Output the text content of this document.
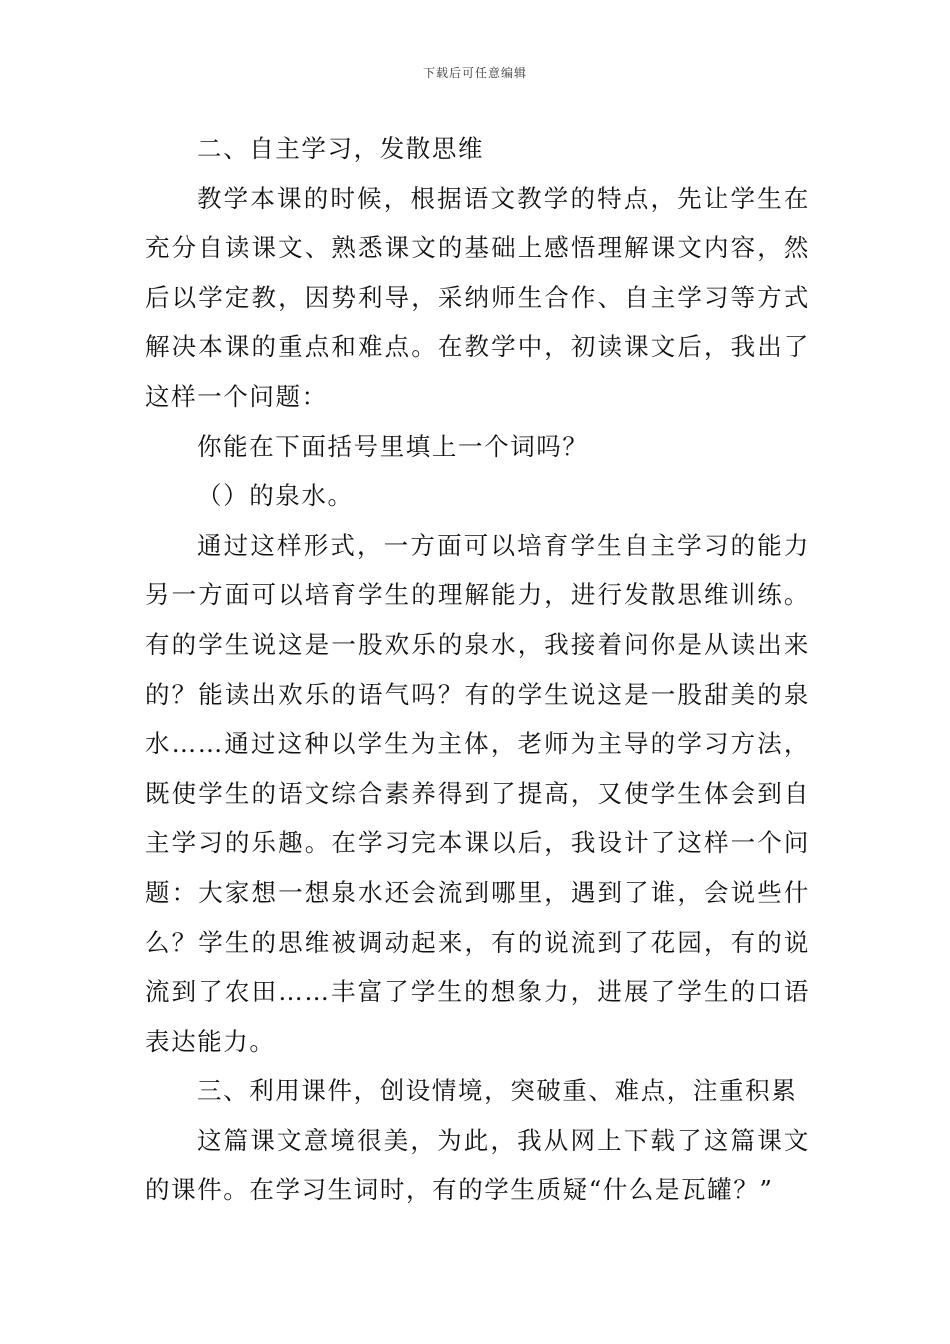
下载后可任意编辑

二、自主学习，发散思维

教学本课的时候，根据语文教学的特点，先让学生在充分自读课文、熟悉课文的基础上感悟理解课文内容，然后以学定教，因势利导，采纳师生合作、自主学习等方式解决本课的重点和难点。在教学中，初读课文后，我出了这样一个问题：

你能在下面括号里填上一个词吗？

（）的泉水。

通过这样形式，一方面可以培育学生自主学习的能力另一方面可以培育学生的理解能力，进行发散思维训练。有的学生说这是一股欢乐的泉水，我接着问你是从读出来的？能读出欢乐的语气吗？有的学生说这是一股甜美的泉水……通过这种以学生为主体，老师为主导的学习方法，既使学生的语文综合素养得到了提高，又使学生体会到自主学习的乐趣。在学习完本课以后，我设计了这样一个问题：大家想一想泉水还会流到哪里，遇到了谁，会说些什么？学生的思维被调动起来，有的说流到了花园，有的说流到了农田……丰富了学生的想象力，进展了学生的口语表达能力。

三、利用课件，创设情境，突破重、难点，注重积累

这篇课文意境很美，为此，我从网上下载了这篇课文的课件。在学习生词时，有的学生质疑“什么是瓦罐？”
